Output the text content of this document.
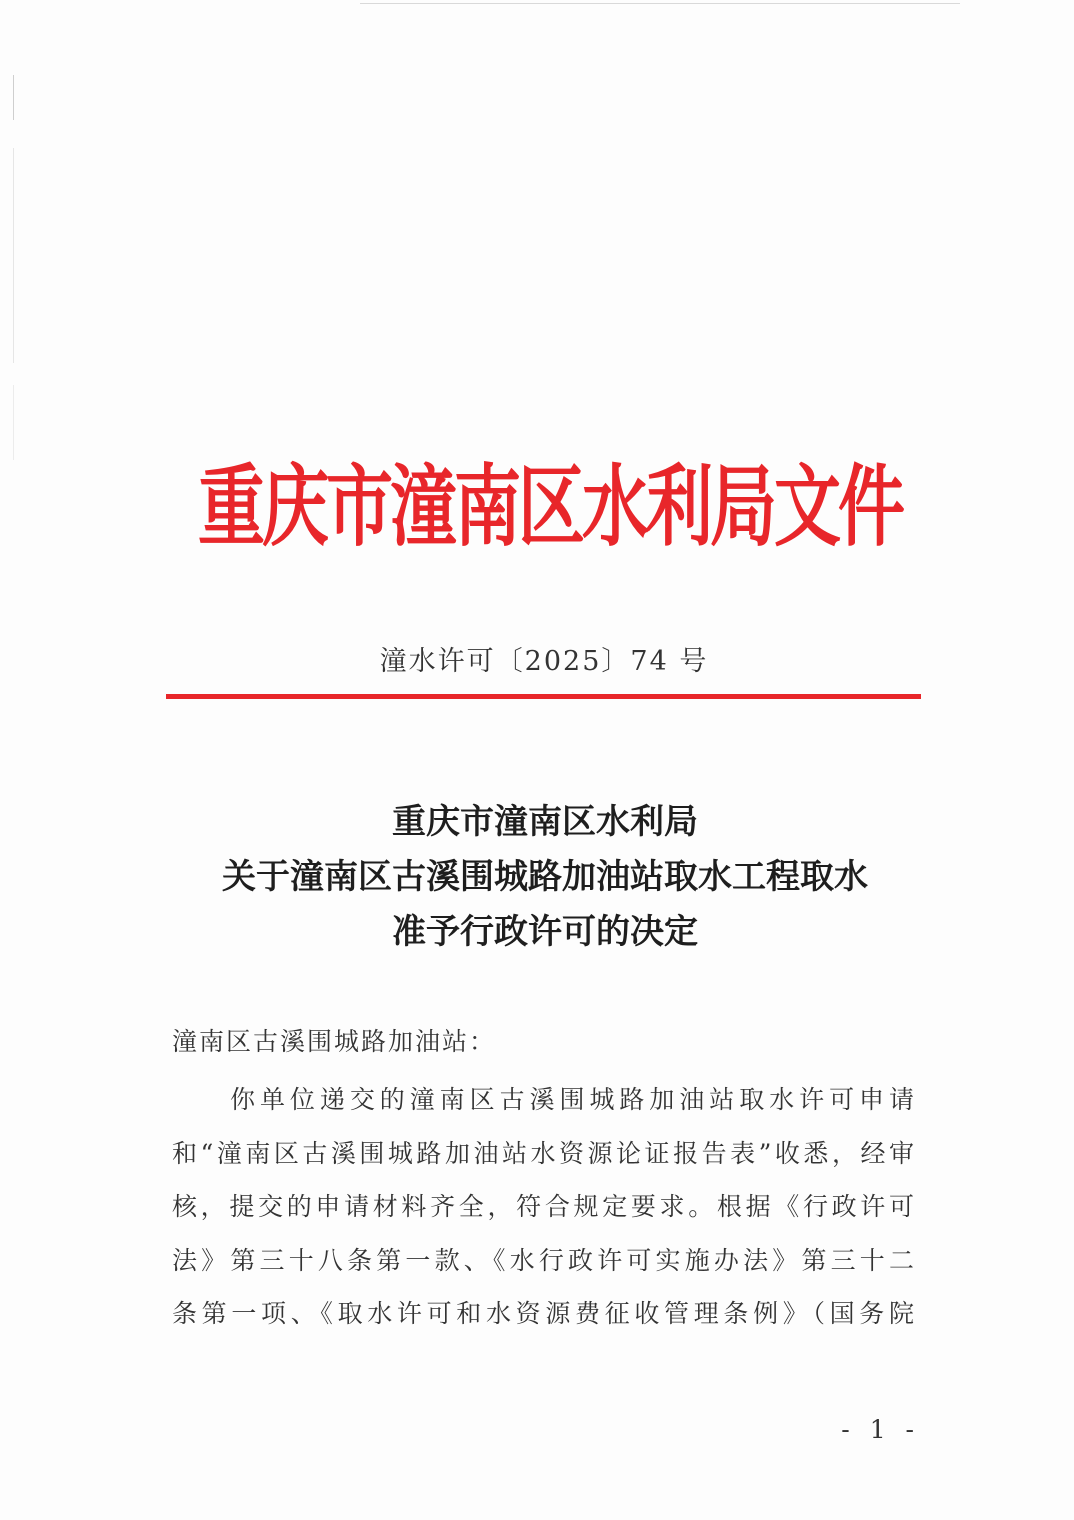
重庆市潼南区水利局文件
潼水许可〔2025〕74 号
重庆市潼南区水利局
关于潼南区古溪围城路加油站取水工程取水
准予行政许可的决定
潼南区古溪围城路加油站：
你单位递交的潼南区古溪围城路加油站取水许可申请
和“潼南区古溪围城路加油站水资源论证报告表”收悉，经审
核，提交的申请材料齐全，符合规定要求。根据《行政许可
法》第三十八条第一款、《水行政许可实施办法》第三十二
条第一项、《取水许可和水资源费征收管理条例》（国务院
- 1 -
